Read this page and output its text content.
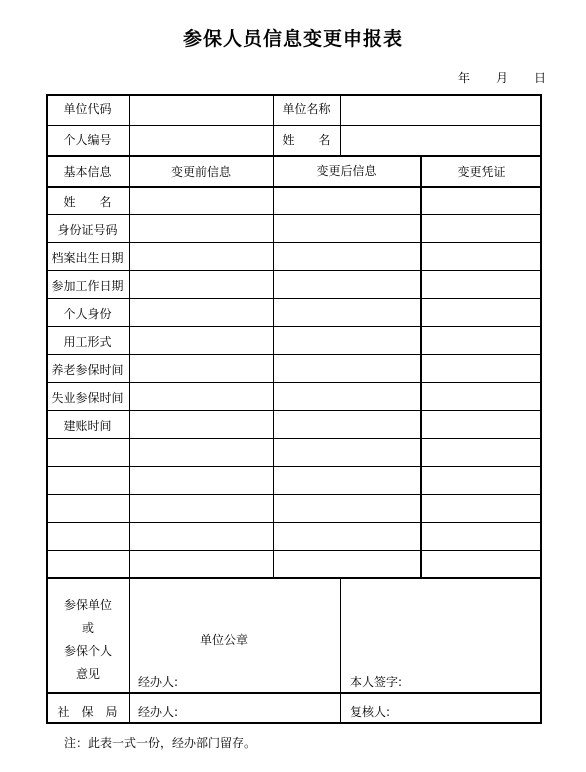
参保人员信息变更申报表
年 月 日
单位代码	单位名称
个人编号	姓　　名
基本信息	变更前信息	变更后信息	变更凭证
姓　　名
身份证号码
档案出生日期
参加工作日期
个人身份
用工形式
养老参保时间
失业参保时间
建账时间
参保单位
或
参保个人
意见
单位公章
经办人:	本人签字:
社　保　局	经办人:	复核人:
注：此表一式一份，经办部门留存。
